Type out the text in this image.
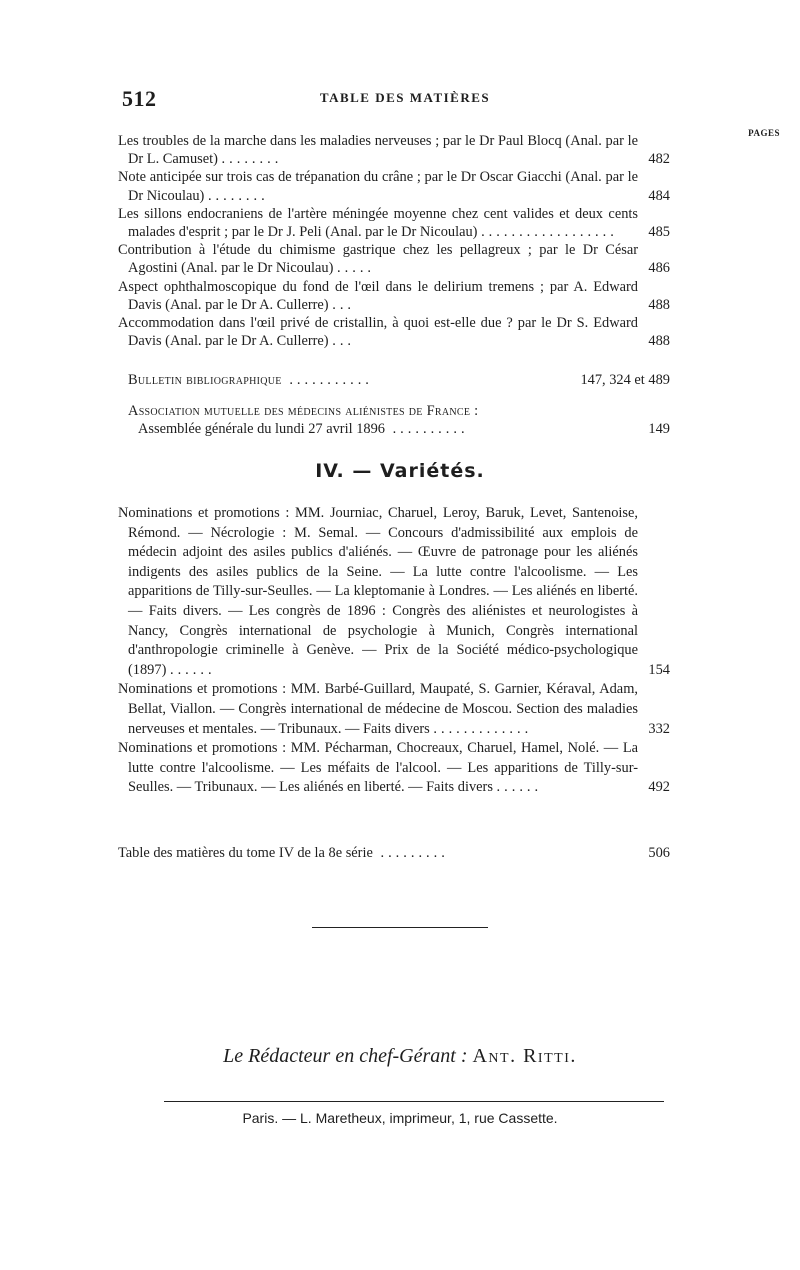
512	TABLE DES MATIÈRES
PAGES
Les troubles de la marche dans les maladies nerveuses ; par le Dr Paul Blocq (Anal. par le Dr L. Camuset) ........	482
Note anticipée sur trois cas de trépanation du crâne ; par le Dr Oscar Giacchi (Anal. par le Dr Nicoulau) ........	484
Les sillons endocraniens de l'artère méningée moyenne chez cent valides et deux cents malades d'esprit ; par le Dr J. Peli (Anal. par le Dr Nicoulau) ..................	485
Contribution à l'étude du chimisme gastrique chez les pellagreux ; par le Dr César Agostini (Anal. par le Dr Nicoulau) .....	486
Aspect ophthalmoscopique du fond de l'œil dans le delirium tremens ; par A. Edward Davis (Anal. par le Dr A. Cullerre) ...	488
Accommodation dans l'œil privé de cristallin, à quoi est-elle due ? par le Dr S. Edward Davis (Anal. par le Dr A. Cullerre) ...	488
Bulletin bibliographique ...........	147, 324 et 489
Association mutuelle des médecins aliénistes de France :
Assemblée générale du lundi 27 avril 1896 ..........	149
IV. — Variétés.
Nominations et promotions : MM. Journiac, Charuel, Leroy, Baruk, Levet, Santenoise, Rémond. — Nécrologie : M. Semal. — Concours d'admissibilité aux emplois de médecin adjoint des asiles publics d'aliénés. — Œuvre de patronage pour les aliénés indigents des asiles publics de la Seine. — La lutte contre l'alcoolisme. — Les apparitions de Tilly-sur-Seulles. — La kleptomanie à Londres. — Les aliénés en liberté. — Faits divers. — Les congrès de 1896 : Congrès des aliénistes et neurologistes à Nancy, Congrès international de psychologie à Munich, Congrès international d'anthropologie criminelle à Genève. — Prix de la Société médico-psychologique (1897) ......	154
Nominations et promotions : MM. Barbé-Guillard, Maupaté, S. Garnier, Kéraval, Adam, Bellat, Viallon. — Congrès international de médecine de Moscou. Section des maladies nerveuses et mentales. — Tribunaux. — Faits divers .............	332
Nominations et promotions : MM. Pécharman, Chocreaux, Charuel, Hamel, Nolé. — La lutte contre l'alcoolisme. — Les méfaits de l'alcool. — Les apparitions de Tilly-sur-Seulles. — Tribunaux. — Les aliénés en liberté. — Faits divers ......	492
Table des matières du tome IV de la 8e série .........	506
Le Rédacteur en chef-Gérant : Ant. Ritti.
Paris. — L. Maretheux, imprimeur, 1, rue Cassette.
